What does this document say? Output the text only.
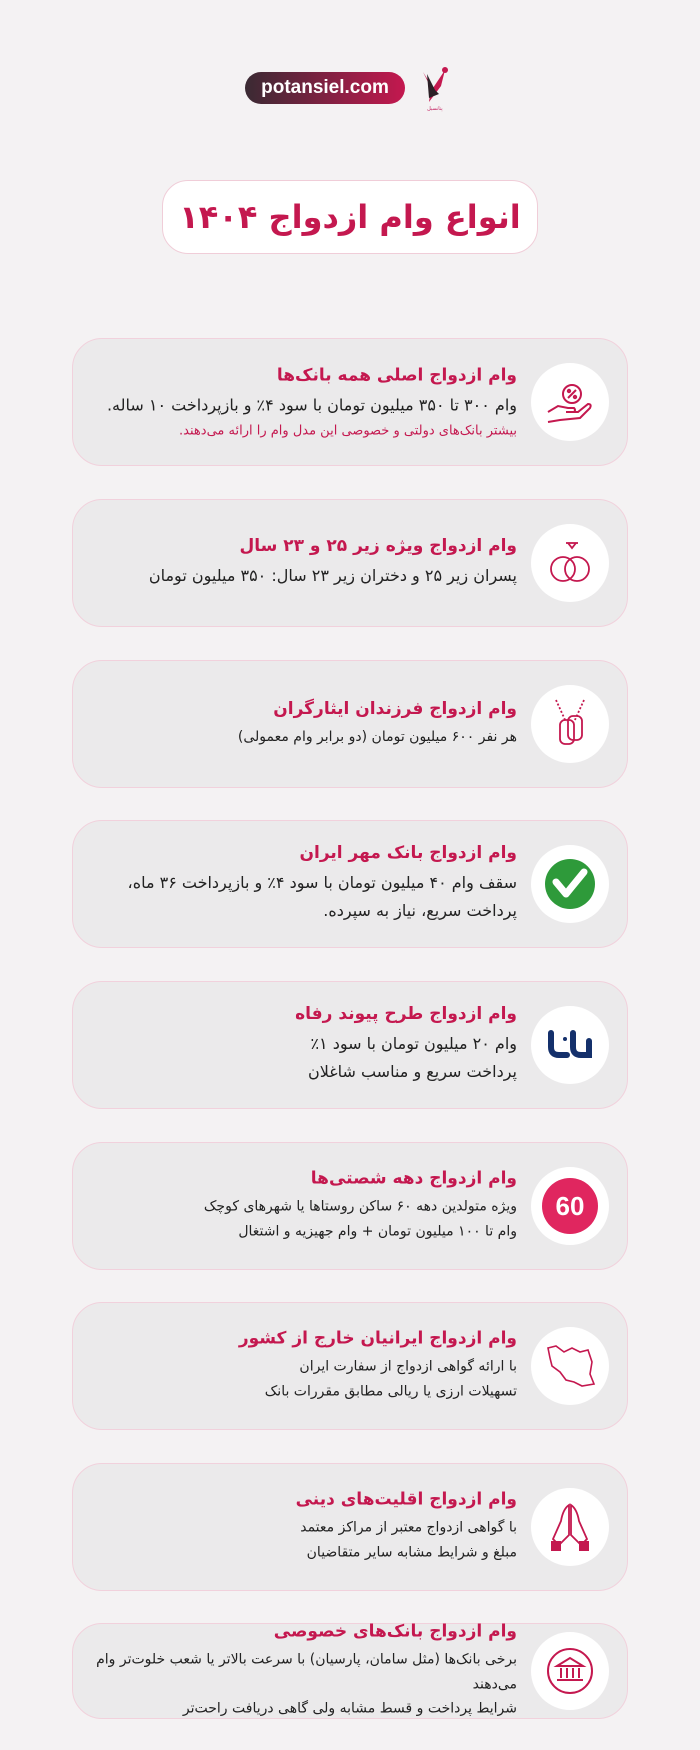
potansiel.com
پتانسیل
انواع وام ازدواج ۱۴۰۴
وام ازدواج اصلی همه بانک‌ها
وام ۳۰۰ تا ۳۵۰ میلیون تومان با سود ۴٪ و بازپرداخت ۱۰ ساله.
بیشتر بانک‌های دولتی و خصوصی این مدل وام را ارائه می‌دهند.
وام ازدواج ویژه زیر ۲۵ و ۲۳ سال
پسران زیر ۲۵ و دختران زیر ۲۳ سال: ۳۵۰ میلیون تومان
وام ازدواج فرزندان ایثارگران
هر نفر ۶۰۰ میلیون تومان (دو برابر وام معمولی)
وام ازدواج بانک مهر ایران
سقف وام ۴۰ میلیون تومان با سود ۴٪ و بازپرداخت ۳۶ ماه، پرداخت سریع، نیاز به سپرده.
وام ازدواج طرح پیوند رفاه
وام ۲۰ میلیون تومان با سود ۱٪
پرداخت سریع و مناسب شاغلان
60
وام ازدواج دهه شصتی‌ها
ویژه متولدین دهه ۶۰ ساکن روستاها یا شهرهای کوچک
وام تا ۱۰۰ میلیون تومان + وام جهیزیه و اشتغال
وام ازدواج ایرانیان خارج از کشور
با ارائه گواهی ازدواج از سفارت ایران
تسهیلات ارزی یا ریالی مطابق مقررات بانک
وام ازدواج اقلیت‌های دینی
با گواهی ازدواج معتبر از مراکز معتمد
مبلغ و شرایط مشابه سایر متقاضیان
وام ازدواج بانک‌های خصوصی
برخی بانک‌ها (مثل سامان، پارسیان) با سرعت بالاتر یا شعب خلوت‌تر وام می‌دهند
شرایط پرداخت و قسط مشابه ولی گاهی دریافت راحت‌تر
